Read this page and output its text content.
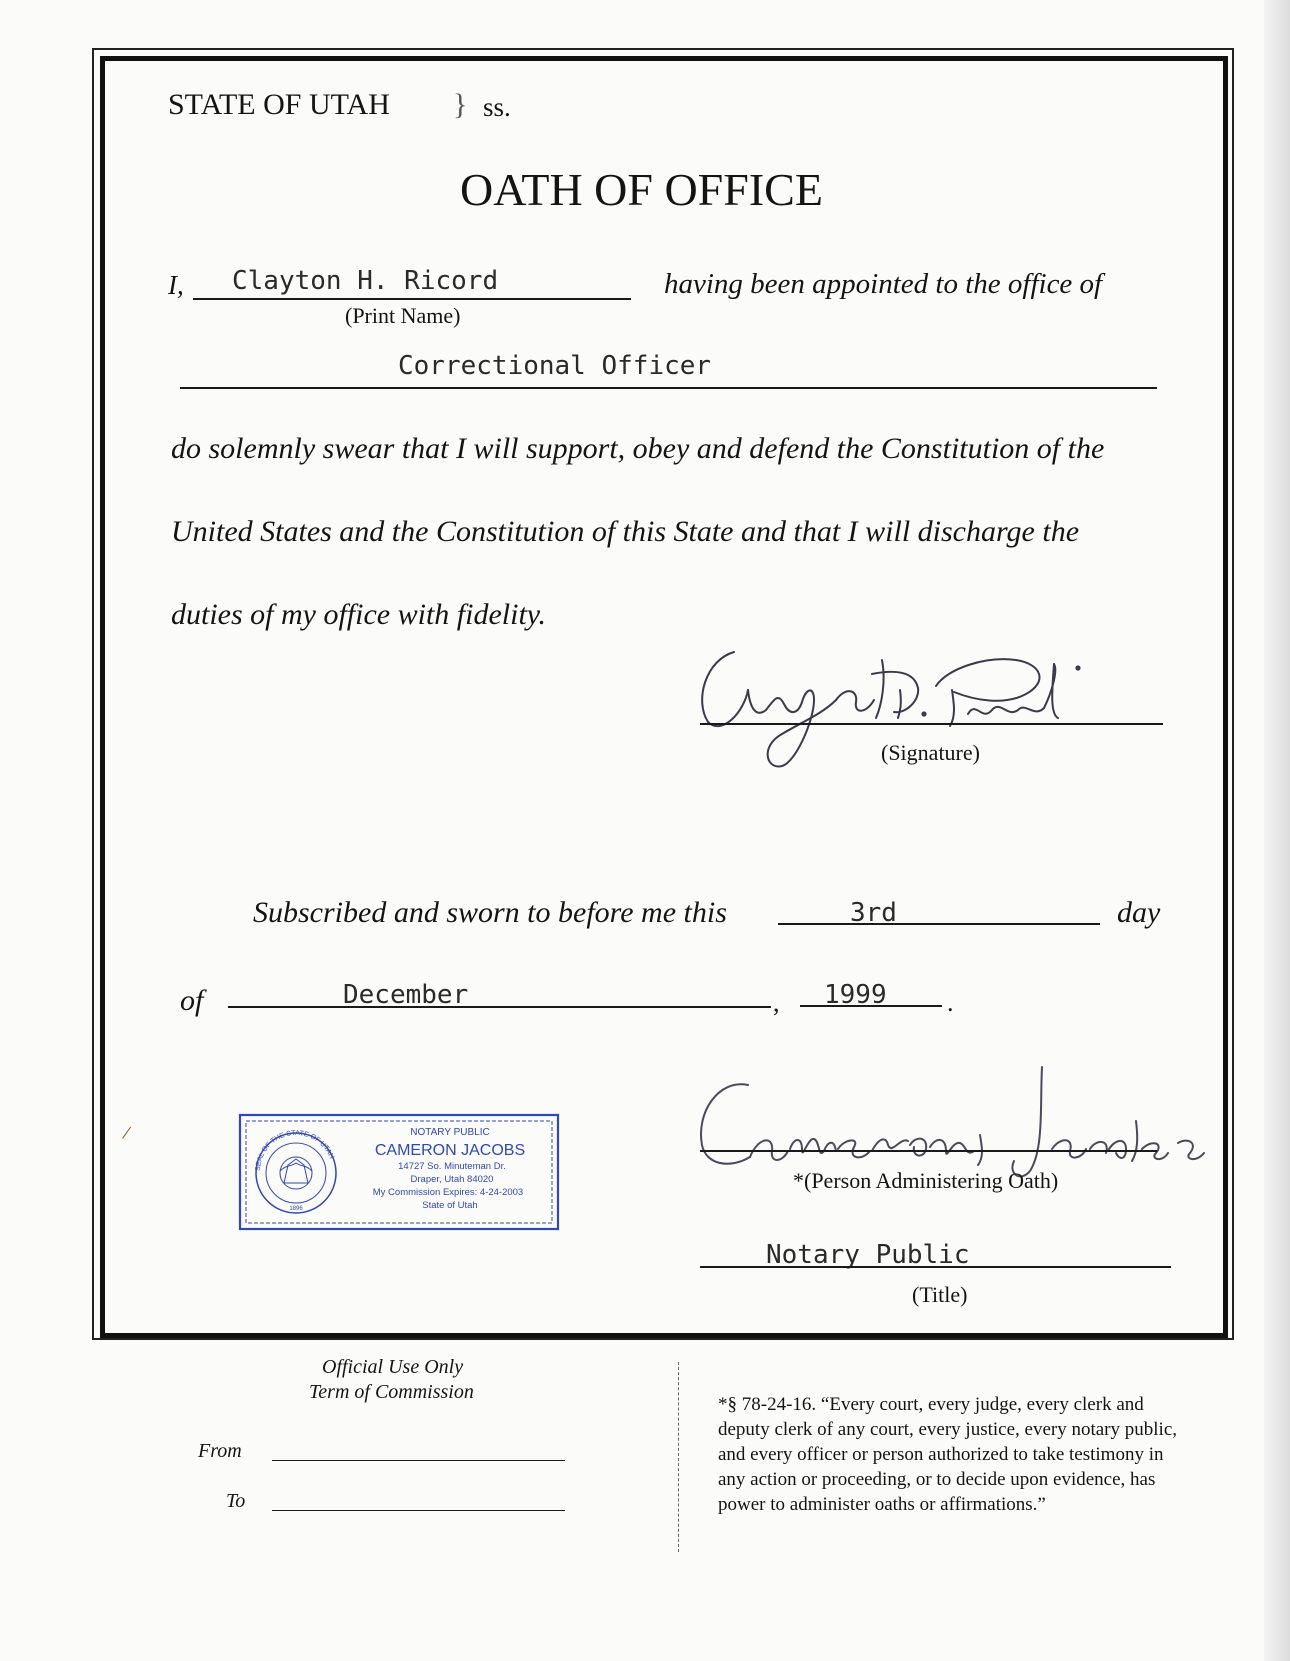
STATE OF UTAH } ss.
OATH OF OFFICE
I, Clayton H. Ricord
(Print Name)
having been appointed to the office of
Correctional Officer
do solemnly swear that I will support, obey and defend the Constitution of the
United States and the Constitution of this State and that I will discharge the
duties of my office with fidelity.
(Signature)
Subscribed and sworn to before me this	3rd	day
of	December	, 1999 .
SEAL OF THE STATE OF UTAH
1896
NOTARY PUBLIC
CAMERON JACOBS
14727 So. Minuteman Dr.
Draper, Utah 84020
My Commission Expires: 4-24-2003
State of Utah
*(Person Administering Oath)
Notary Public
(Title)
Official Use Only
Term of Commission
From
To
*§ 78-24-16. “Every court, every judge, every clerk and
deputy clerk of any court, every justice, every notary public,
and every officer or person authorized to take testimony in
any action or proceeding, or to decide upon evidence, has
power to administer oaths or affirmations.”
